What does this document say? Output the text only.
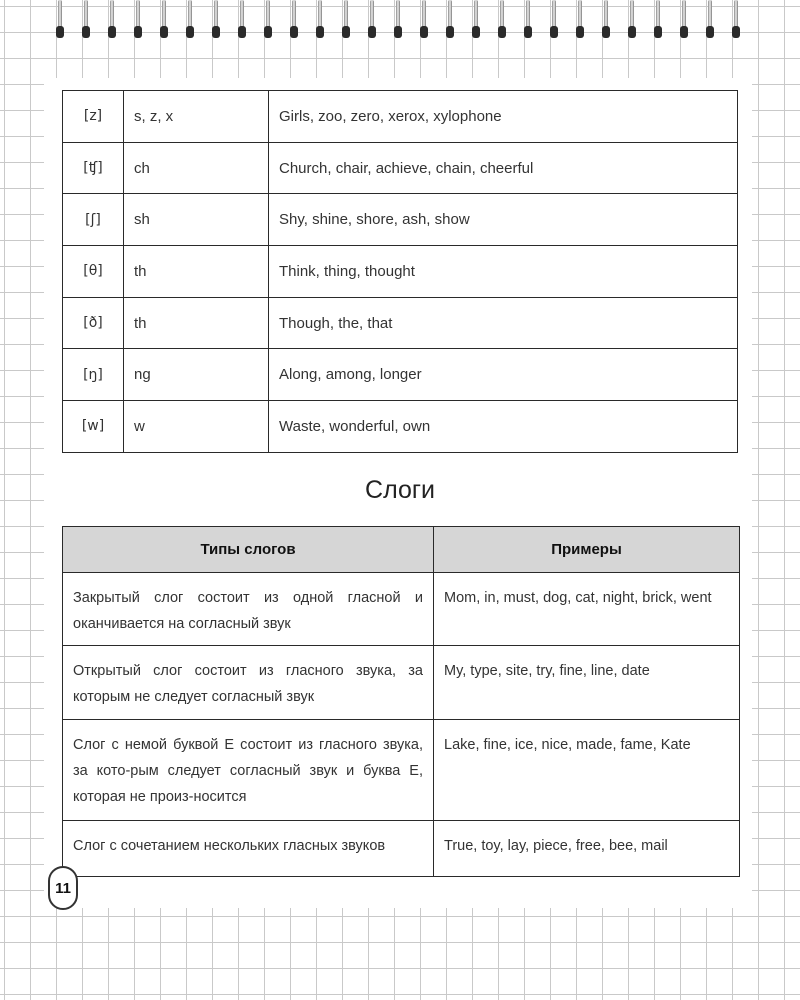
[z]	s, z, x	Girls, zoo, zero, xerox, xylophone
[ʧ]	ch	Church, chair, achieve, chain, cheerful
[ʃ]	sh	Shy, shine, shore, ash, show
[θ]	th	Think, thing, thought
[ð]	th	Though, the, that
[ŋ]	ng	Along, among, longer
[w]	w	Waste, wonderful, own
Слоги
Типы слогов	Примеры
Закрытый слог состоит из одной гласной и оканчивается на согласный звук	Mom, in, must, dog, cat, night, brick, went
Открытый слог состоит из гласного звука, за которым не следует согласный звук	My, type, site, try, fine, line, date
Слог с немой буквой E состоит из гласного звука, за кото-рым следует согласный звук и буква E, которая не произ-носится	Lake, fine, ice, nice, made, fame, Kate
Слог с сочетанием нескольких гласных звуков	True, toy, lay, piece, free, bee, mail
11
